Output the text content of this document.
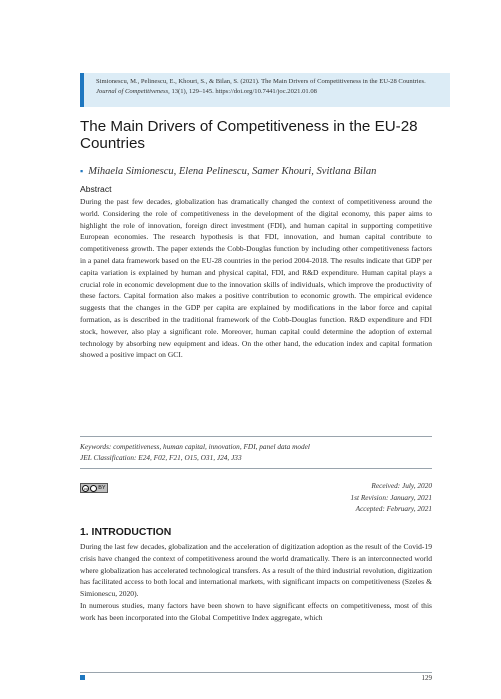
Simionescu, M., Pelinescu, E., Khouri, S., & Bilan, S. (2021). The Main Drivers of Competitiveness in the EU-28 Countries. Journal of Competitiveness, 13(1), 129–145. https://doi.org/10.7441/joc.2021.01.08
The Main Drivers of Competitiveness in the EU-28 Countries
▪ Mihaela Simionescu, Elena Pelinescu, Samer Khouri, Svitlana Bilan
Abstract

During the past few decades, globalization has dramatically changed the context of competitiveness around the world. Considering the role of competitiveness in the development of the digital economy, this paper aims to highlight the role of innovation, foreign direct investment (FDI), and human capital in supporting competitive European economies. The research hypothesis is that FDI, innovation, and human capital contribute to competitiveness growth. The paper extends the Cobb-Douglas function by including other competitiveness factors in a panel data framework based on the EU-28 countries in the period 2004-2018. The results indicate that GDP per capita variation is explained by human and physical capital, FDI, and R&D expenditure. Human capital plays a crucial role in economic development due to the innovation skills of individuals, which improve the productivity of these factors. Capital formation also makes a positive contribution to economic growth. The empirical evidence suggests that the changes in the GDP per capita are explained by modifications in the labor force and capital formation, as is described in the traditional framework of the Cobb-Douglas function. R&D expenditure and FDI stock, however, also play a significant role. Moreover, human capital could determine the adoption of external technology by absorbing new equipment and ideas. On the other hand, the education index and capital formation showed a positive impact on GCI.

Keywords: competitiveness, human capital, innovation, FDI, panel data model
JEL Classification: E24, F02, F21, O15, O31, J24, J33
cc BY	Received: July, 2020
1st Revision: January, 2021
Accepted: February, 2021
1. INTRODUCTION

During the last few decades, globalization and the acceleration of digitization adoption as the result of the Covid-19 crisis have changed the context of competitiveness around the world dramatically. There is an interconnected world where globalization has accelerated technological transfers. As a result of the third industrial revolution, digitization has facilitated access to both local and international markets, with significant impacts on competitiveness (Szeles & Simionescu, 2020).

In numerous studies, many factors have been shown to have significant effects on competitiveness, most of this work has been incorporated into the Global Competitive Index aggregate, which

129
